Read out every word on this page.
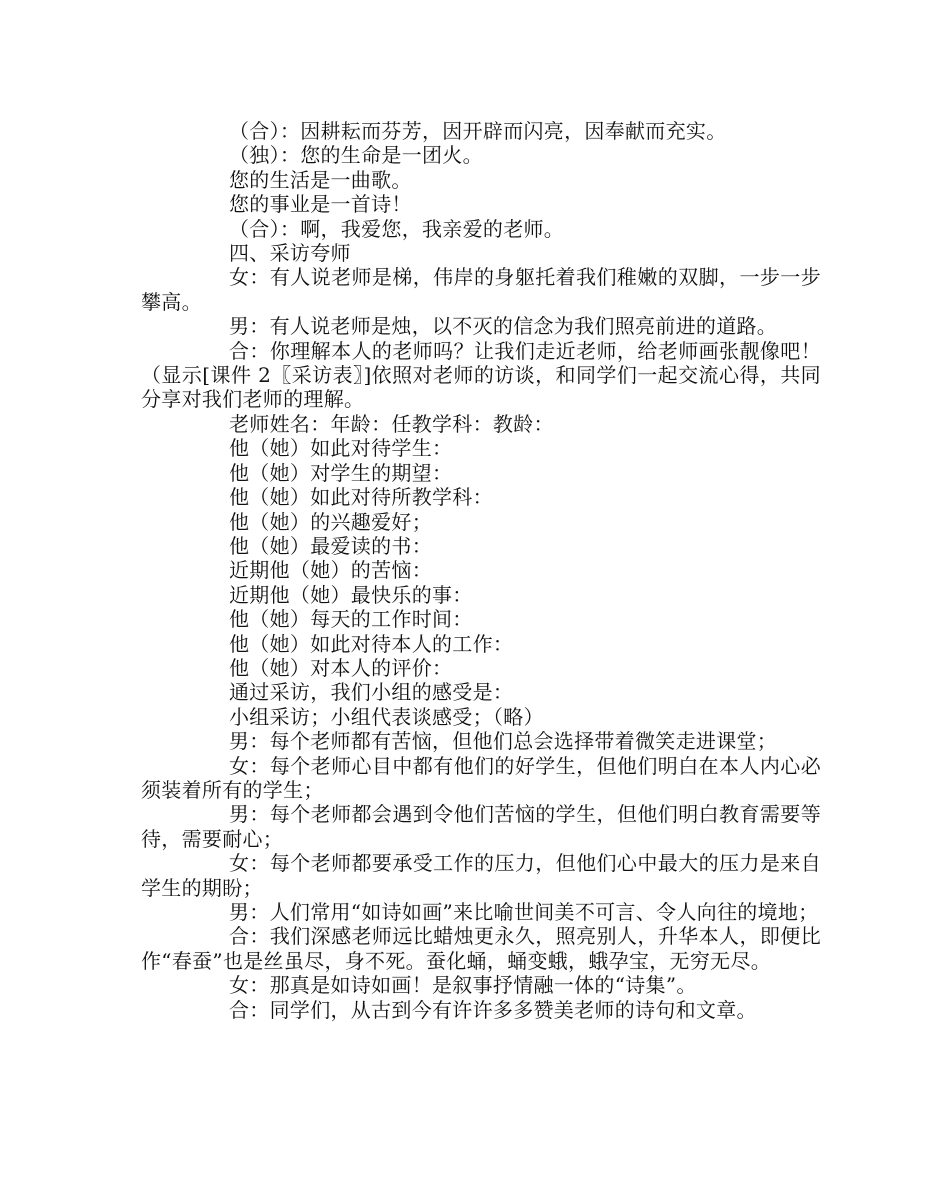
（合）：因耕耘而芬芳，因开辟而闪亮，因奉献而充实。

（独）：您的生命是一团火。

您的生活是一曲歌。

您的事业是一首诗！

（合）：啊，我爱您，我亲爱的老师。

四、采访夸师

女：有人说老师是梯，伟岸的身躯托着我们稚嫩的双脚，一步一步攀高。

男：有人说老师是烛，以不灭的信念为我们照亮前进的道路。

合：你理解本人的老师吗？让我们走近老师，给老师画张靓像吧！（显示[课件 2〖采访表〗]依照对老师的访谈，和同学们一起交流心得，共同分享对我们老师的理解。

老师姓名：年龄：任教学科：教龄：

他（她）如此对待学生：

他（她）对学生的期望：

他（她）如此对待所教学科：

他（她）的兴趣爱好；

他（她）最爱读的书：

近期他（她）的苦恼：

近期他（她）最快乐的事：

他（她）每天的工作时间：

他（她）如此对待本人的工作：

他（她）对本人的评价：

通过采访，我们小组的感受是：

小组采访；小组代表谈感受；（略）

男：每个老师都有苦恼，但他们总会选择带着微笑走进课堂；

女：每个老师心目中都有他们的好学生，但他们明白在本人内心必须装着所有的学生；

男：每个老师都会遇到令他们苦恼的学生，但他们明白教育需要等待，需要耐心；

女：每个老师都要承受工作的压力，但他们心中最大的压力是来自学生的期盼；

男：人们常用“如诗如画”来比喻世间美不可言、令人向往的境地；

合：我们深感老师远比蜡烛更永久，照亮别人，升华本人，即便比作“春蚕”也是丝虽尽，身不死。蚕化蛹，蛹变蛾，蛾孕宝，无穷无尽。

女：那真是如诗如画！是叙事抒情融一体的“诗集”。

合：同学们，从古到今有许许多多赞美老师的诗句和文章。
